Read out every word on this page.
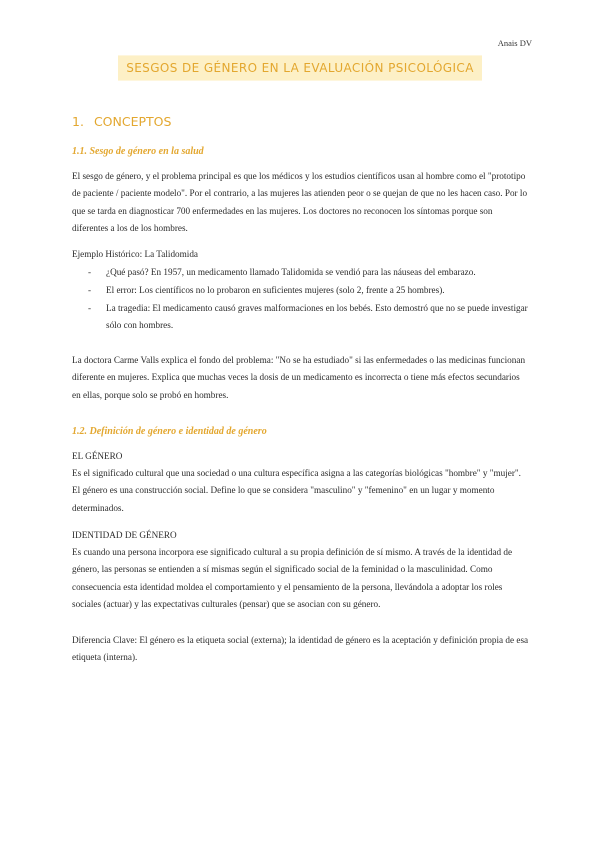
Anais DV
SESGOS DE GÉNERO EN LA EVALUACIÓN PSICOLÓGICA
1. CONCEPTOS
1.1. Sesgo de género en la salud

El sesgo de género, y el problema principal es que los médicos y los estudios científicos usan al hombre como el "prototipo de paciente / paciente modelo". Por el contrario, a las mujeres las atienden peor o se quejan de que no les hacen caso. Por lo que se tarda en diagnosticar 700 enfermedades en las mujeres. Los doctores no reconocen los síntomas porque son diferentes a los de los hombres.

Ejemplo Histórico: La Talidomida
- ¿Qué pasó? En 1957, un medicamento llamado Talidomida se vendió para las náuseas del embarazo.
- El error: Los científicos no lo probaron en suficientes mujeres (solo 2, frente a 25 hombres).
- La tragedia: El medicamento causó graves malformaciones en los bebés. Esto demostró que no se puede investigar sólo con hombres.

La doctora Carme Valls explica el fondo del problema: "No se ha estudiado" si las enfermedades o las medicinas funcionan diferente en mujeres. Explica que muchas veces la dosis de un medicamento es incorrecta o tiene más efectos secundarios en ellas, porque solo se probó en hombres.

1.2. Definición de género e identidad de género
EL GÉNERO

Es el significado cultural que una sociedad o una cultura específica asigna a las categorías biológicas "hombre" y "mujer". El género es una construcción social. Define lo que se considera "masculino" y "femenino" en un lugar y momento determinados.

IDENTIDAD DE GÉNERO

Es cuando una persona incorpora ese significado cultural a su propia definición de sí mismo. A través de la identidad de género, las personas se entienden a sí mismas según el significado social de la feminidad o la masculinidad. Como consecuencia esta identidad moldea el comportamiento y el pensamiento de la persona, llevándola a adoptar los roles sociales (actuar) y las expectativas culturales (pensar) que se asocian con su género.

Diferencia Clave: El género es la etiqueta social (externa); la identidad de género es la aceptación y definición propia de esa etiqueta (interna).
